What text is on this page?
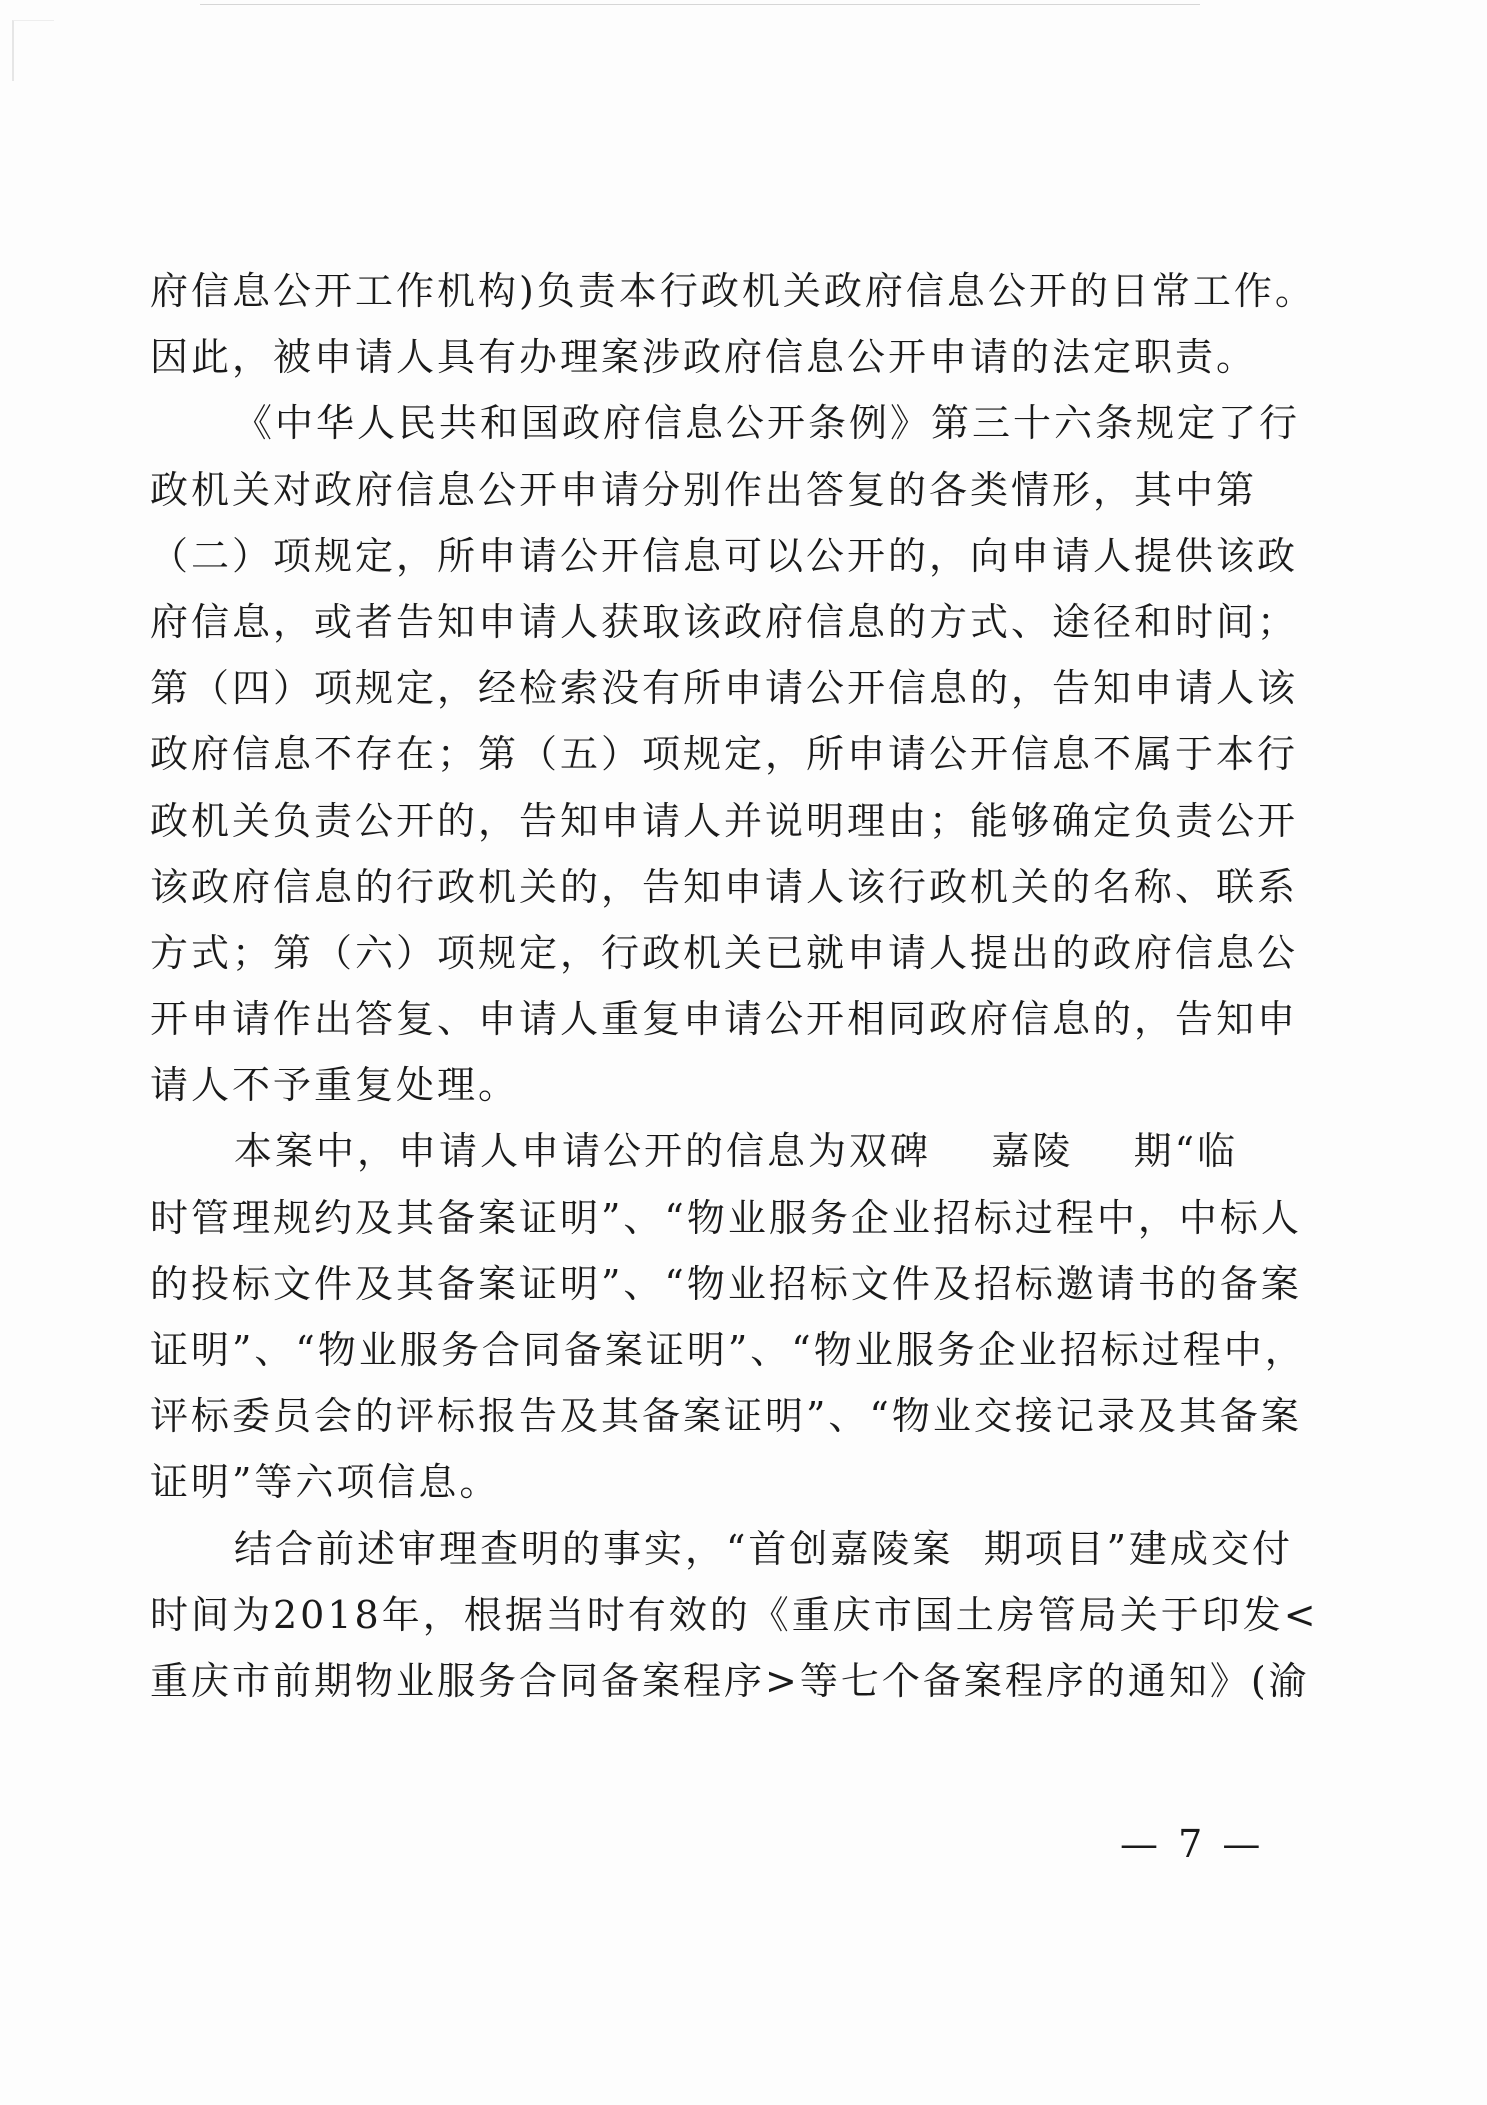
府信息公开工作机构)负责本行政机关政府信息公开的日常工作。
因此，被申请人具有办理案涉政府信息公开申请的法定职责。
《中华人民共和国政府信息公开条例》第三十六条规定了行
政机关对政府信息公开申请分别作出答复的各类情形，其中第
（二）项规定，所申请公开信息可以公开的，向申请人提供该政
府信息，或者告知申请人获取该政府信息的方式、途径和时间；
第（四）项规定，经检索没有所申请公开信息的，告知申请人该
政府信息不存在；第（五）项规定，所申请公开信息不属于本行
政机关负责公开的，告知申请人并说明理由；能够确定负责公开
该政府信息的行政机关的，告知申请人该行政机关的名称、联系
方式；第（六）项规定，行政机关已就申请人提出的政府信息公
开申请作出答复、申请人重复申请公开相同政府信息的，告知申
请人不予重复处理。
本案中，申请人申请公开的信息为双碑    嘉陵    期“临
时管理规约及其备案证明”、“物业服务企业招标过程中，中标人
的投标文件及其备案证明”、“物业招标文件及招标邀请书的备案
证明”、“物业服务合同备案证明”、“物业服务企业招标过程中，
评标委员会的评标报告及其备案证明”、“物业交接记录及其备案
证明”等六项信息。
结合前述审理查明的事实，“首创嘉陵案  期项目”建成交付
时间为2018年，根据当时有效的《重庆市国土房管局关于印发<
重庆市前期物业服务合同备案程序>等七个备案程序的通知》(渝
— 7 —
